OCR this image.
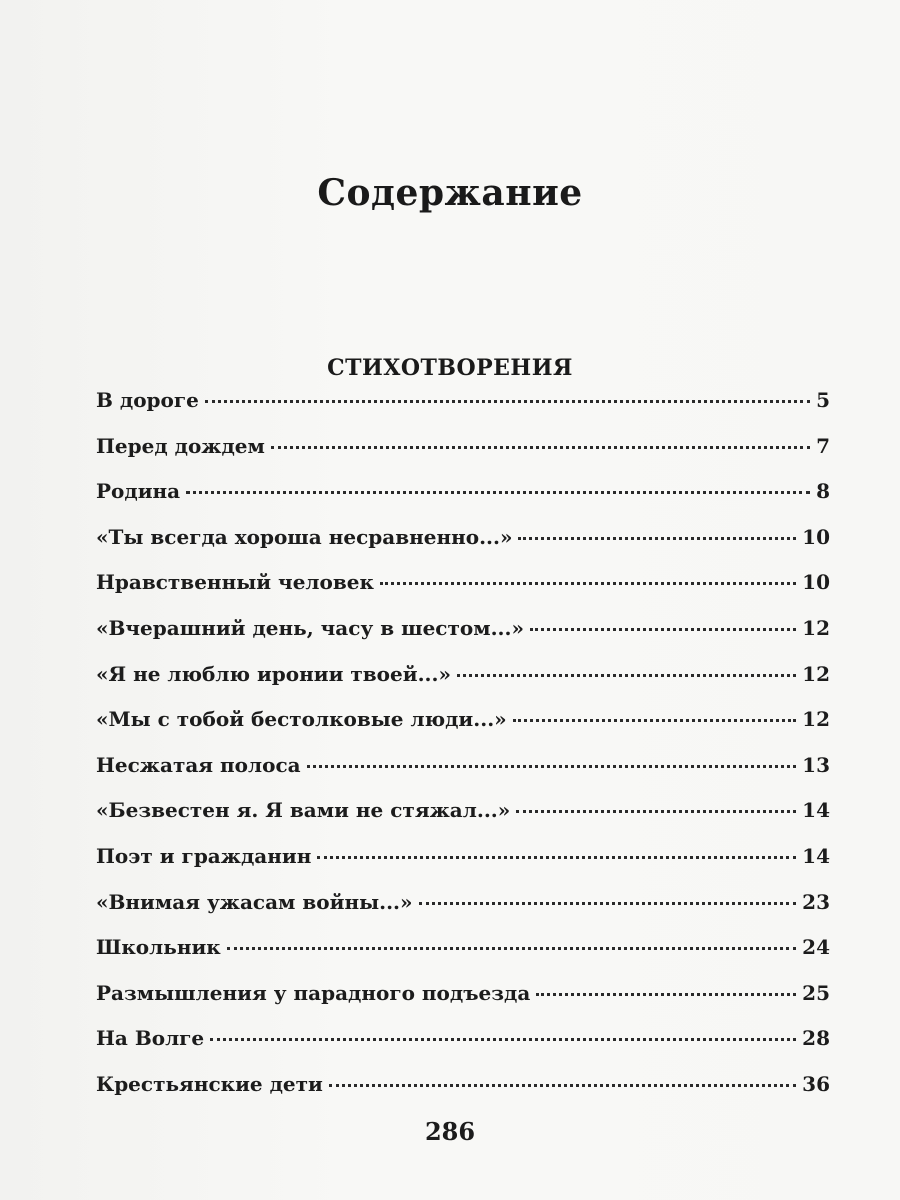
Содержание
СТИХОТВОРЕНИЯ
В дороге	5
Перед дождем	7
Родина	8
«Ты всегда хороша несравненно...»	10
Нравственный человек	10
«Вчерашний день, часу в шестом...»	12
«Я не люблю иронии твоей...»	12
«Мы с тобой бестолковые люди...»	12
Несжатая полоса	13
«Безвестен я. Я вами не стяжал...»	14
Поэт и гражданин	14
«Внимая ужасам войны...»	23
Школьник	24
Размышления у парадного подъезда	25
На Волге	28
Крестьянские дети	36
286
